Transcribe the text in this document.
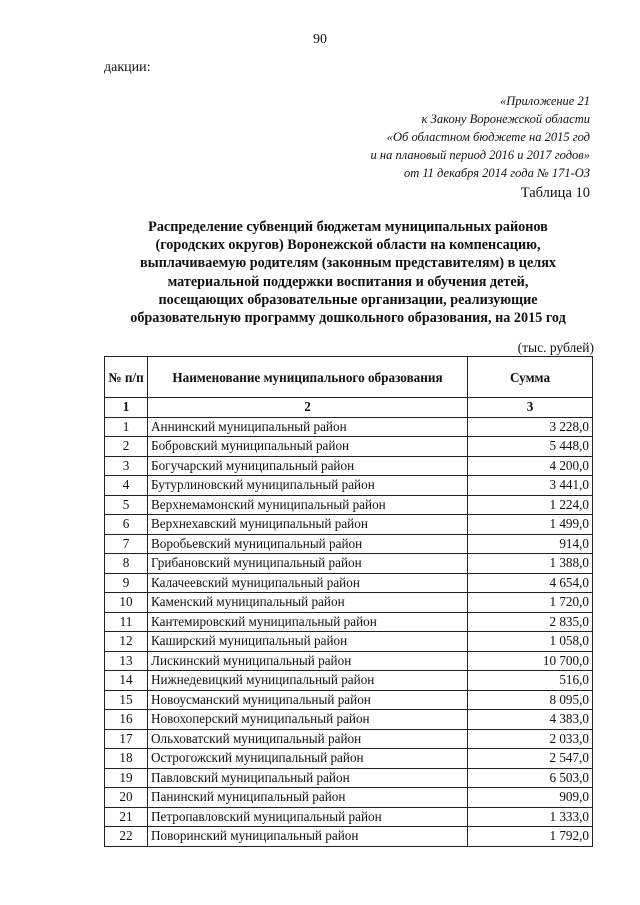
90
дакции:
«Приложение 21
к Закону Воронежской области
«Об областном бюджете на 2015 год
и на плановый период 2016 и 2017 годов»
от 11 декабря 2014 года № 171-ОЗ
Таблица 10
Распределение субвенций бюджетам муниципальных районов
(городских округов) Воронежской области на компенсацию,
выплачиваемую родителям (законным представителям) в целях
материальной поддержки воспитания и обучения детей,
посещающих образовательные организации, реализующие
образовательную программу дошкольного образования, на 2015 год
(тыс. рублей)
№ п/п	Наименование муниципального образования	Сумма
1	2	3
1	Аннинский муниципальный район	3 228,0
2	Бобровский муниципальный район	5 448,0
3	Богучарский муниципальный район	4 200,0
4	Бутурлиновский муниципальный район	3 441,0
5	Верхнемамонский муниципальный район	1 224,0
6	Верхнехавский муниципальный район	1 499,0
7	Воробьевский муниципальный район	914,0
8	Грибановский муниципальный район	1 388,0
9	Калачеевский муниципальный район	4 654,0
10	Каменский муниципальный район	1 720,0
11	Кантемировский муниципальный район	2 835,0
12	Каширский муниципальный район	1 058,0
13	Лискинский муниципальный район	10 700,0
14	Нижнедевицкий муниципальный район	516,0
15	Новоусманский муниципальный район	8 095,0
16	Новохоперский муниципальный район	4 383,0
17	Ольховатский муниципальный район	2 033,0
18	Острогожский муниципальный район	2 547,0
19	Павловский муниципальный район	6 503,0
20	Панинский муниципальный район	909,0
21	Петропавловский муниципальный район	1 333,0
22	Поворинский муниципальный район	1 792,0
